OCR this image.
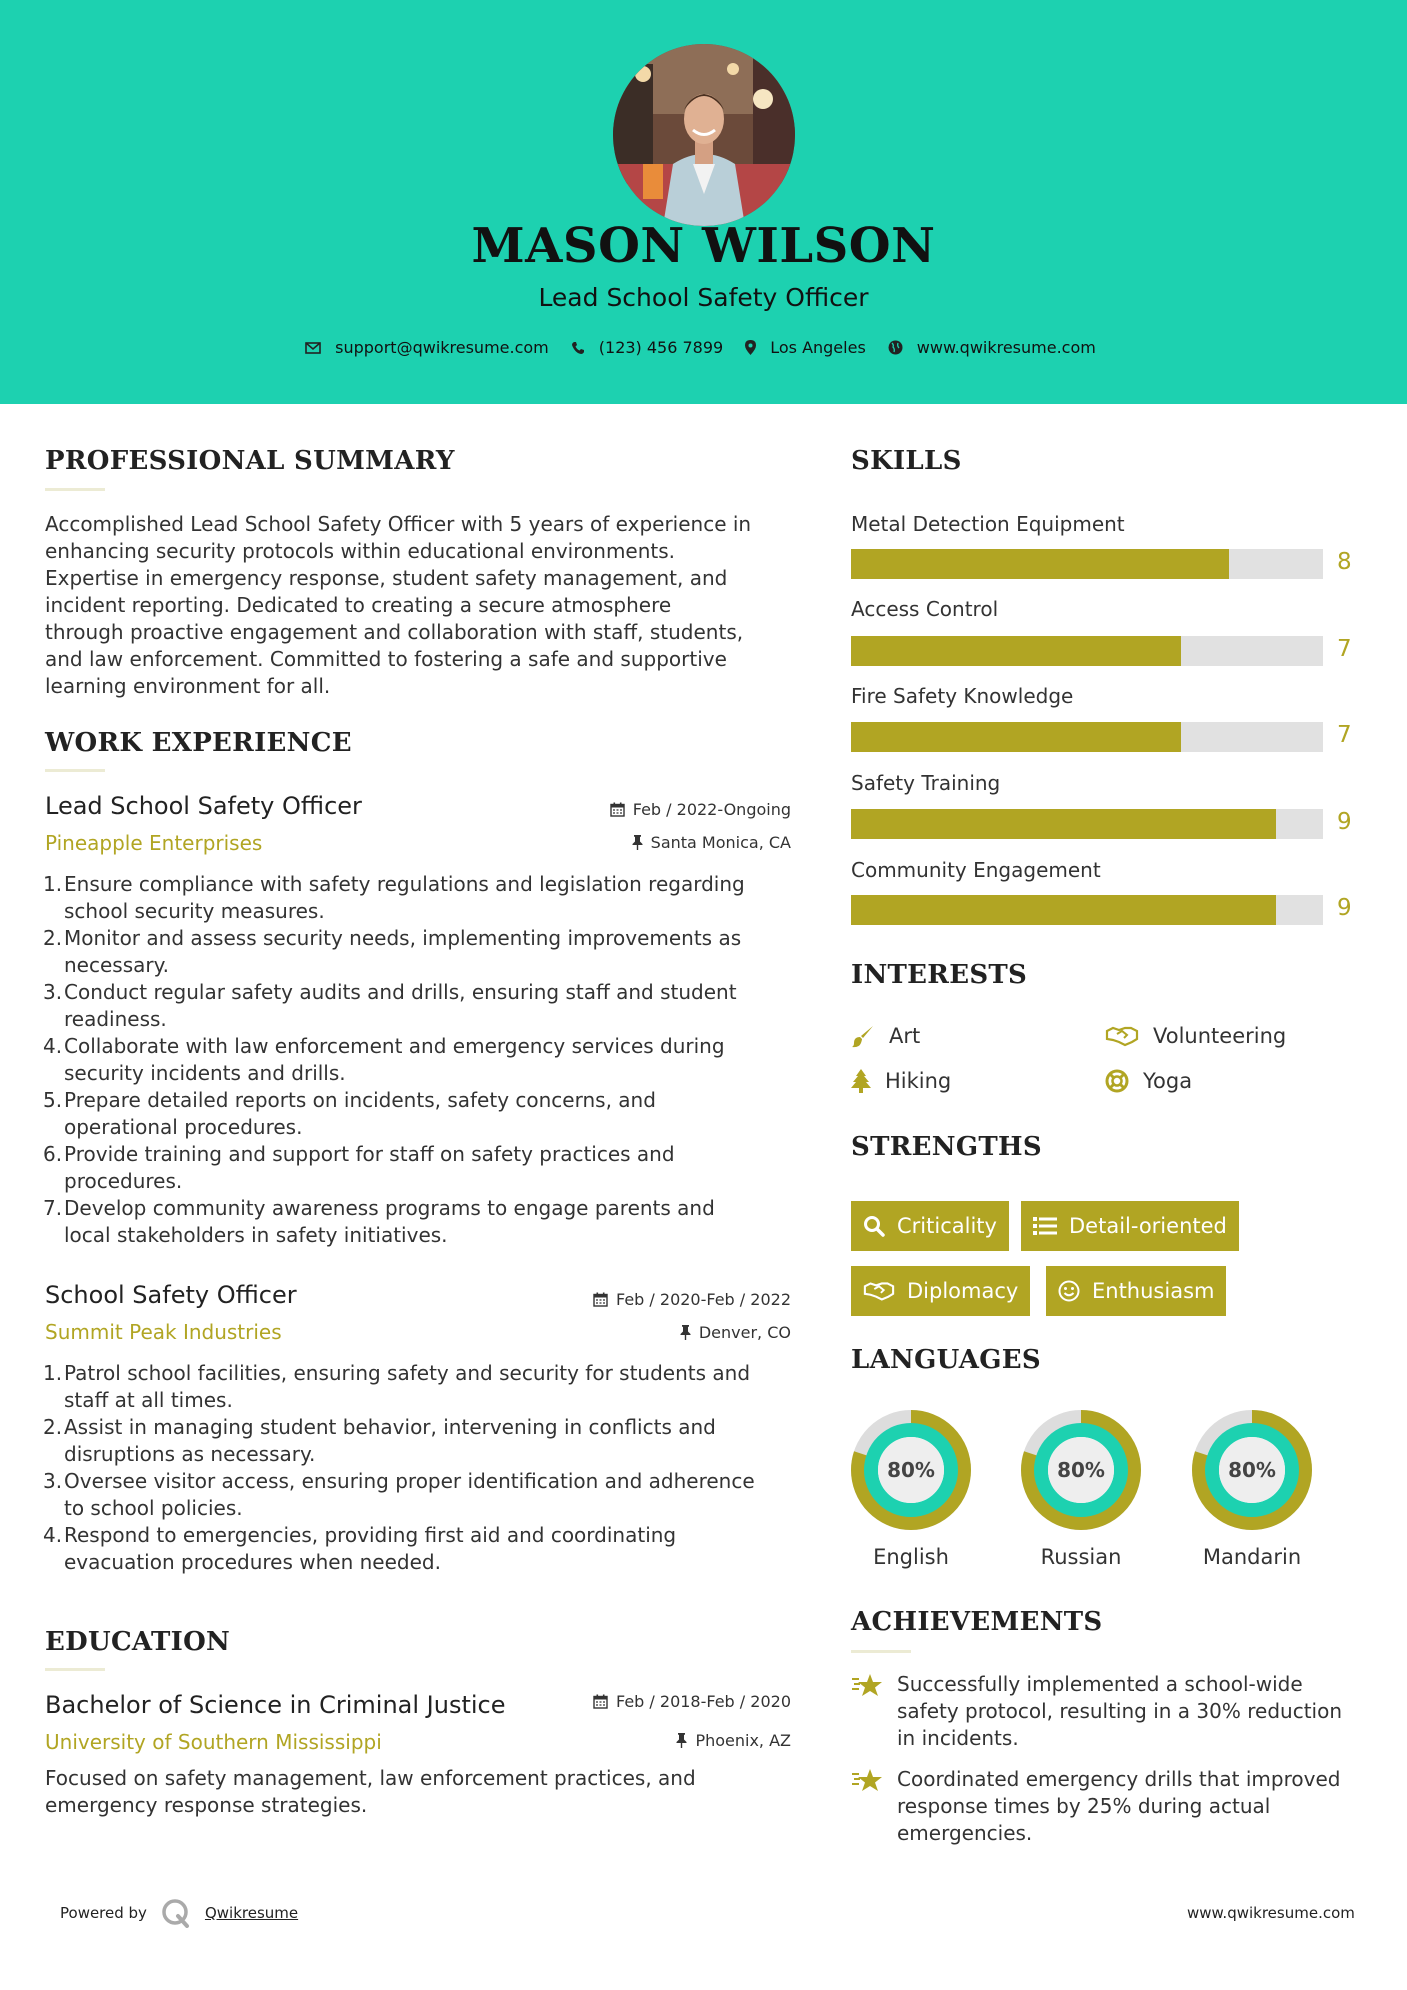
MASON WILSON
Lead School Safety Officer
support@qwikresume.com	(123) 456 7899	Los Angeles	www.qwikresume.com
PROFESSIONAL SUMMARY
Accomplished Lead School Safety Officer with 5 years of experience in
enhancing security protocols within educational environments.
Expertise in emergency response, student safety management, and
incident reporting. Dedicated to creating a secure atmosphere
through proactive engagement and collaboration with staff, students,
and law enforcement. Committed to fostering a safe and supportive
learning environment for all.
WORK EXPERIENCE
Lead School Safety Officer	Feb / 2022-Ongoing
Pineapple Enterprises	Santa Monica, CA
1. Ensure compliance with safety regulations and legislation regarding
school security measures.
2. Monitor and assess security needs, implementing improvements as
necessary.
3. Conduct regular safety audits and drills, ensuring staff and student
readiness.
4. Collaborate with law enforcement and emergency services during
security incidents and drills.
5. Prepare detailed reports on incidents, safety concerns, and
operational procedures.
6. Provide training and support for staff on safety practices and
procedures.
7. Develop community awareness programs to engage parents and
local stakeholders in safety initiatives.
School Safety Officer	Feb / 2020-Feb / 2022
Summit Peak Industries	Denver, CO
1. Patrol school facilities, ensuring safety and security for students and
staff at all times.
2. Assist in managing student behavior, intervening in conflicts and
disruptions as necessary.
3. Oversee visitor access, ensuring proper identification and adherence
to school policies.
4. Respond to emergencies, providing first aid and coordinating
evacuation procedures when needed.
EDUCATION
Bachelor of Science in Criminal Justice	Feb / 2018-Feb / 2020
University of Southern Mississippi	Phoenix, AZ
Focused on safety management, law enforcement practices, and
emergency response strategies.
SKILLS
Metal Detection Equipment
8
Access Control
7
Fire Safety Knowledge
7
Safety Training
9
Community Engagement
9
INTERESTS
Art	Volunteering
Hiking	Yoga
STRENGTHS
Criticality	Detail-oriented
Diplomacy	Enthusiasm
LANGUAGES
80%
English
80%
Russian
80%
Mandarin
ACHIEVEMENTS
Successfully implemented a school-wide
safety protocol, resulting in a 30% reduction
in incidents.
Coordinated emergency drills that improved
response times by 25% during actual
emergencies.
Powered by	Qwikresume	www.qwikresume.com
